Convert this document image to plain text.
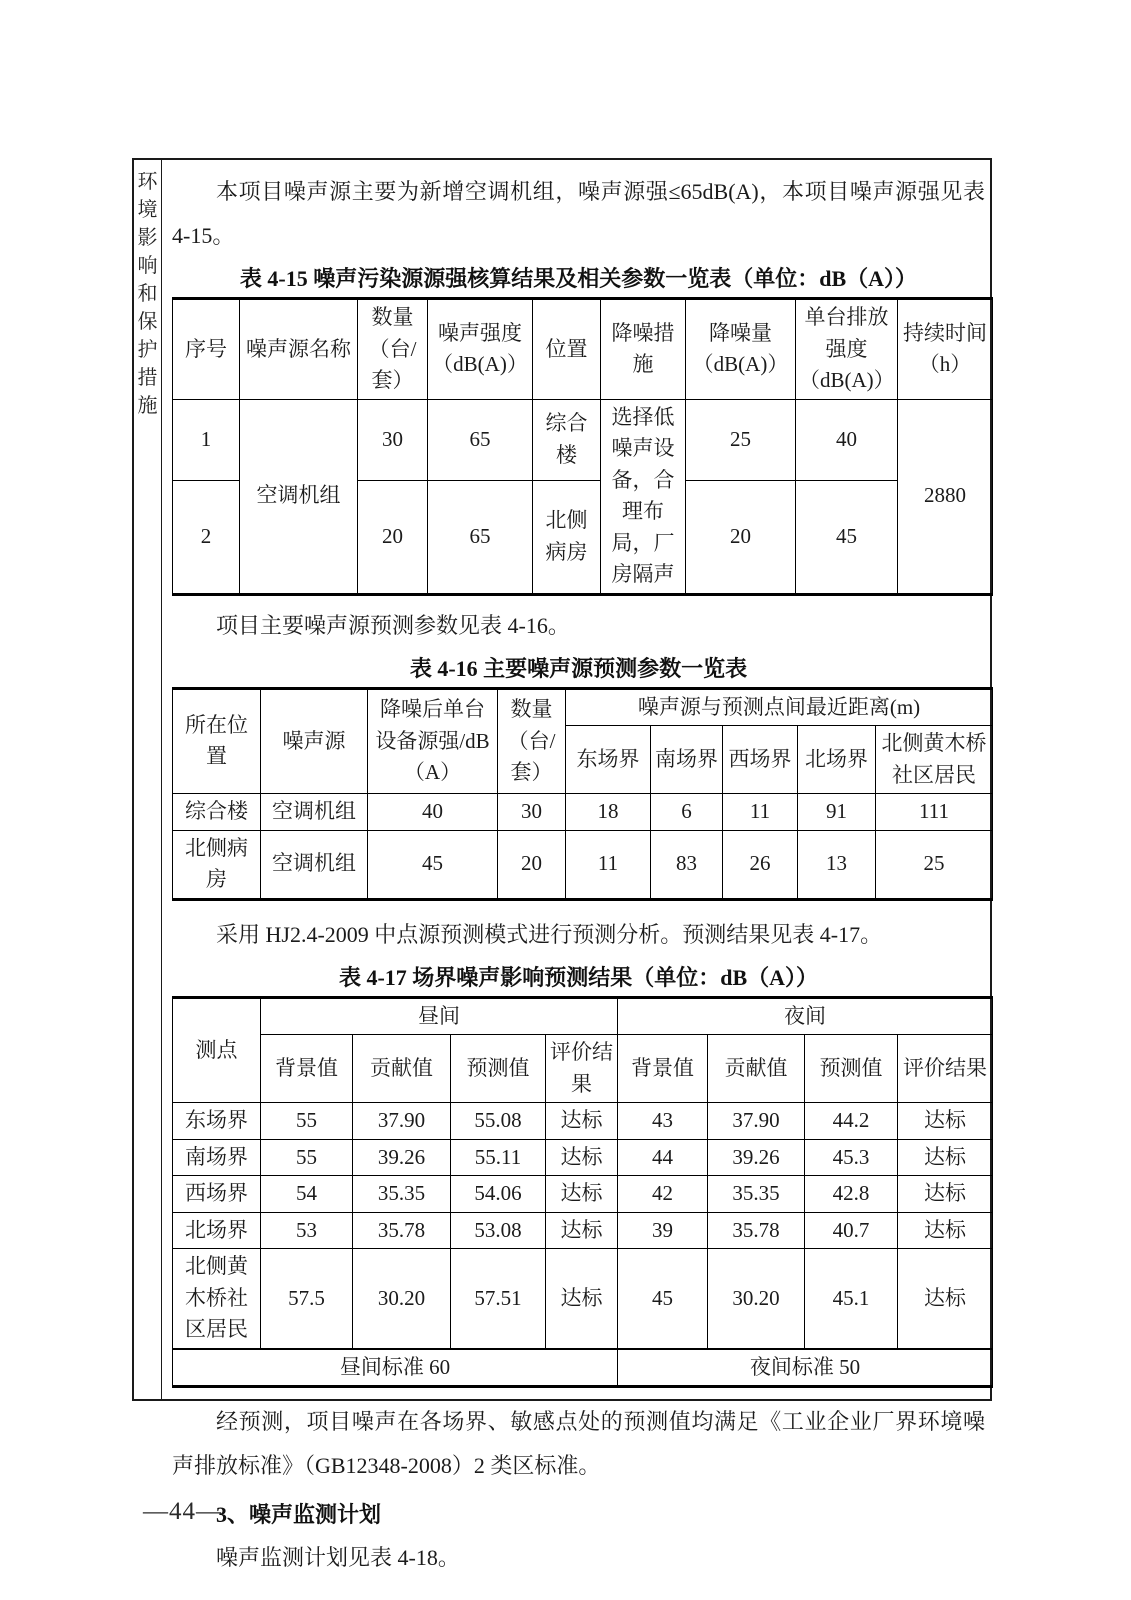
环境影响和保护措施

本项目噪声源主要为新增空调机组，噪声源强≤65dB(A)，本项目噪声源强见表 4-15。

表 4-15 噪声污染源源强核算结果及相关参数一览表（单位：dB（A））
序号	噪声源名称	数量（台/套）	噪声强度（dB(A)）	位置	降噪措施	降噪量（dB(A)）	单台排放强度（dB(A)）	持续时间（h）
1	空调机组	30	65	综合楼	选择低噪声设备，合理布局，厂房隔声	25	40	2880
2		20	65	北侧病房		20	45	

项目主要噪声源预测参数见表 4-16。

表 4-16 主要噪声源预测参数一览表
所在位置	噪声源	降噪后单台设备源强/dB（A）	数量（台/套）	噪声源与预测点间最近距离(m)				
				东场界	南场界	西场界	北场界	北侧黄木桥社区居民
综合楼	空调机组	40	30	18	6	11	91	111
北侧病房	空调机组	45	20	11	83	26	13	25

采用 HJ2.4-2009 中点源预测模式进行预测分析。预测结果见表 4-17。

表 4-17 场界噪声影响预测结果（单位：dB（A））
测点	昼间				夜间			
	背景值	贡献值	预测值	评价结果	背景值	贡献值	预测值	评价结果
东场界	55	37.90	55.08	达标	43	37.90	44.2	达标
南场界	55	39.26	55.11	达标	44	39.26	45.3	达标
西场界	54	35.35	54.06	达标	42	35.35	42.8	达标
北场界	53	35.78	53.08	达标	39	35.78	40.7	达标
北侧黄木桥社区居民	57.5	30.20	57.51	达标	45	30.20	45.1	达标
昼间标准 60					夜间标准 50			

经预测，项目噪声在各场界、敏感点处的预测值均满足《工业企业厂界环境噪声排放标准》（GB12348-2008）2 类区标准。

3、噪声监测计划

噪声监测计划见表 4-18。

—44—
